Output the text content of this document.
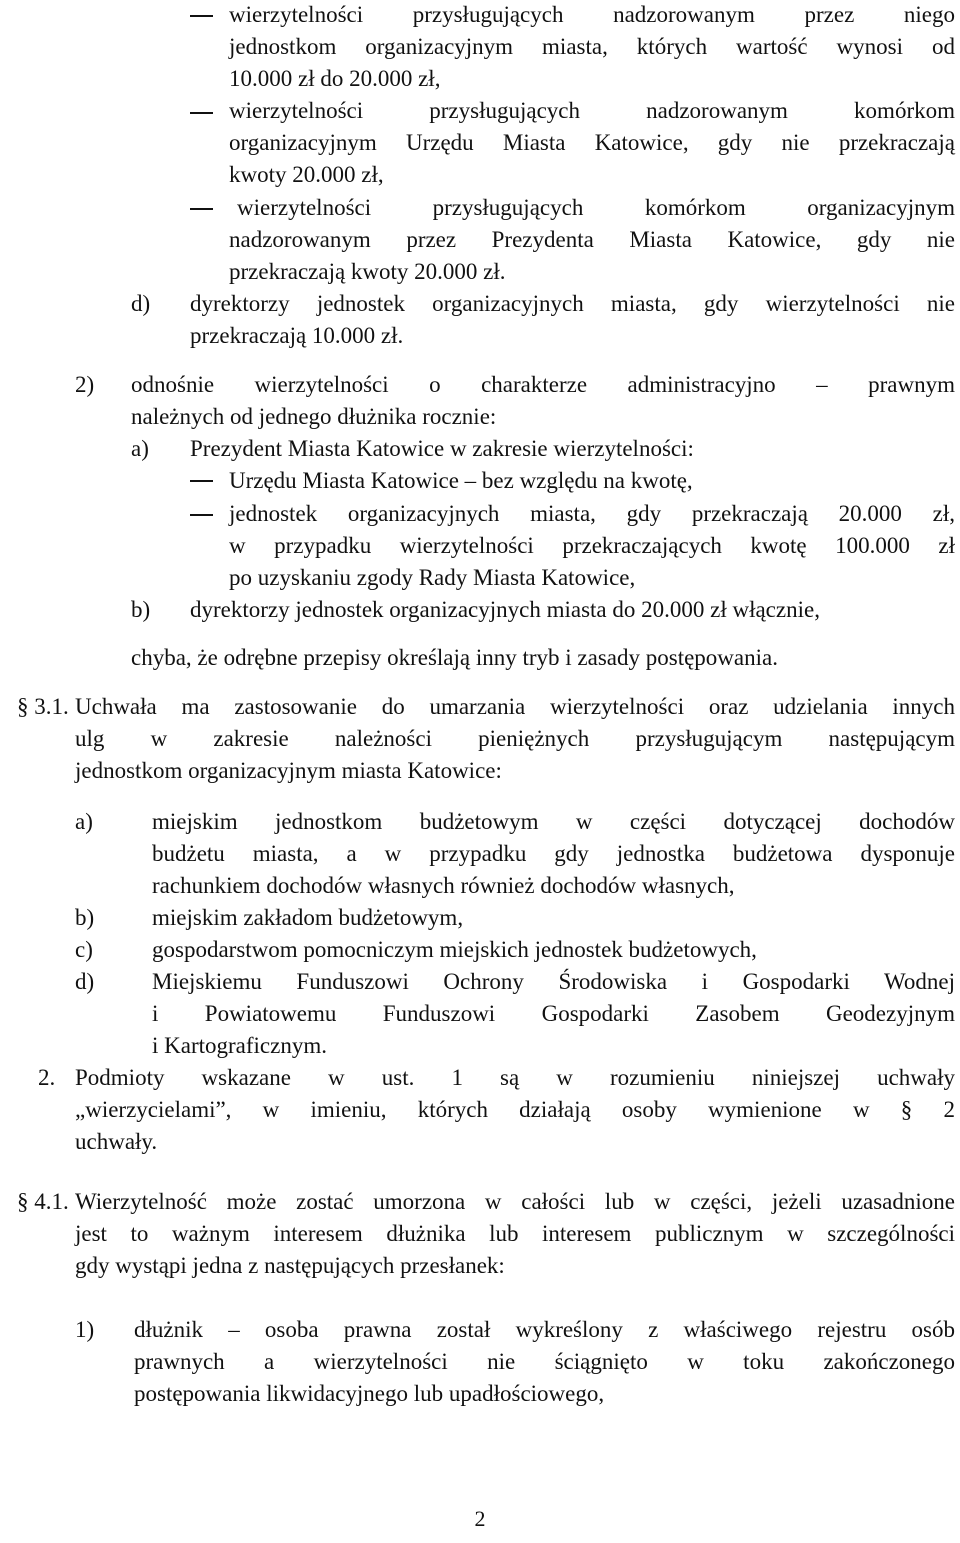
wierzytelności przysługujących nadzorowanym przez niego
jednostkom organizacyjnym miasta, których wartość wynosi od
10.000 zł do 20.000 zł,
wierzytelności przysługujących nadzorowanym komórkom
organizacyjnym Urzędu Miasta Katowice, gdy nie przekraczają
kwoty 20.000 zł,
wierzytelności przysługujących komórkom organizacyjnym
nadzorowanym przez Prezydenta Miasta Katowice, gdy nie
przekraczają kwoty 20.000 zł.
d) dyrektorzy jednostek organizacyjnych miasta, gdy wierzytelności nie
przekraczają 10.000 zł.
2) odnośnie wierzytelności o charakterze administracyjno – prawnym
należnych od jednego dłużnika rocznie:
a) Prezydent Miasta Katowice w zakresie wierzytelności:
Urzędu Miasta Katowice – bez względu na kwotę,
jednostek organizacyjnych miasta, gdy przekraczają 20.000 zł,
w przypadku wierzytelności przekraczających kwotę 100.000 zł
po uzyskaniu zgody Rady Miasta Katowice,
b) dyrektorzy jednostek organizacyjnych miasta do 20.000 zł włącznie,
chyba, że odrębne przepisy określają inny tryb i zasady postępowania.
§ 3.1. Uchwała ma zastosowanie do umarzania wierzytelności oraz udzielania innych
ulg w zakresie należności pieniężnych przysługującym następującym
jednostkom organizacyjnym miasta Katowice:
a)	miejskim jednostkom budżetowym w części dotyczącej dochodów
budżetu miasta, a w przypadku gdy jednostka budżetowa dysponuje
rachunkiem dochodów własnych również dochodów własnych,
b)	miejskim zakładom budżetowym,
c)	gospodarstwom pomocniczym miejskich jednostek budżetowych,
d)	Miejskiemu Funduszowi Ochrony Środowiska i Gospodarki Wodnej
i Powiatowemu Funduszowi Gospodarki Zasobem Geodezyjnym
i Kartograficznym.
2. Podmioty wskazane w ust. 1 są w rozumieniu niniejszej uchwały
„wierzycielami”, w imieniu, których działają osoby wymienione w § 2
uchwały.
§ 4.1. Wierzytelność może zostać umorzona w całości lub w części, jeżeli uzasadnione
jest to ważnym interesem dłużnika lub interesem publicznym w szczególności
gdy wystąpi jedna z następujących przesłanek:
1) dłużnik – osoba prawna został wykreślony z właściwego rejestru osób
prawnych a wierzytelności nie ściągnięto w toku zakończonego
postępowania likwidacyjnego lub upadłościowego,
2
